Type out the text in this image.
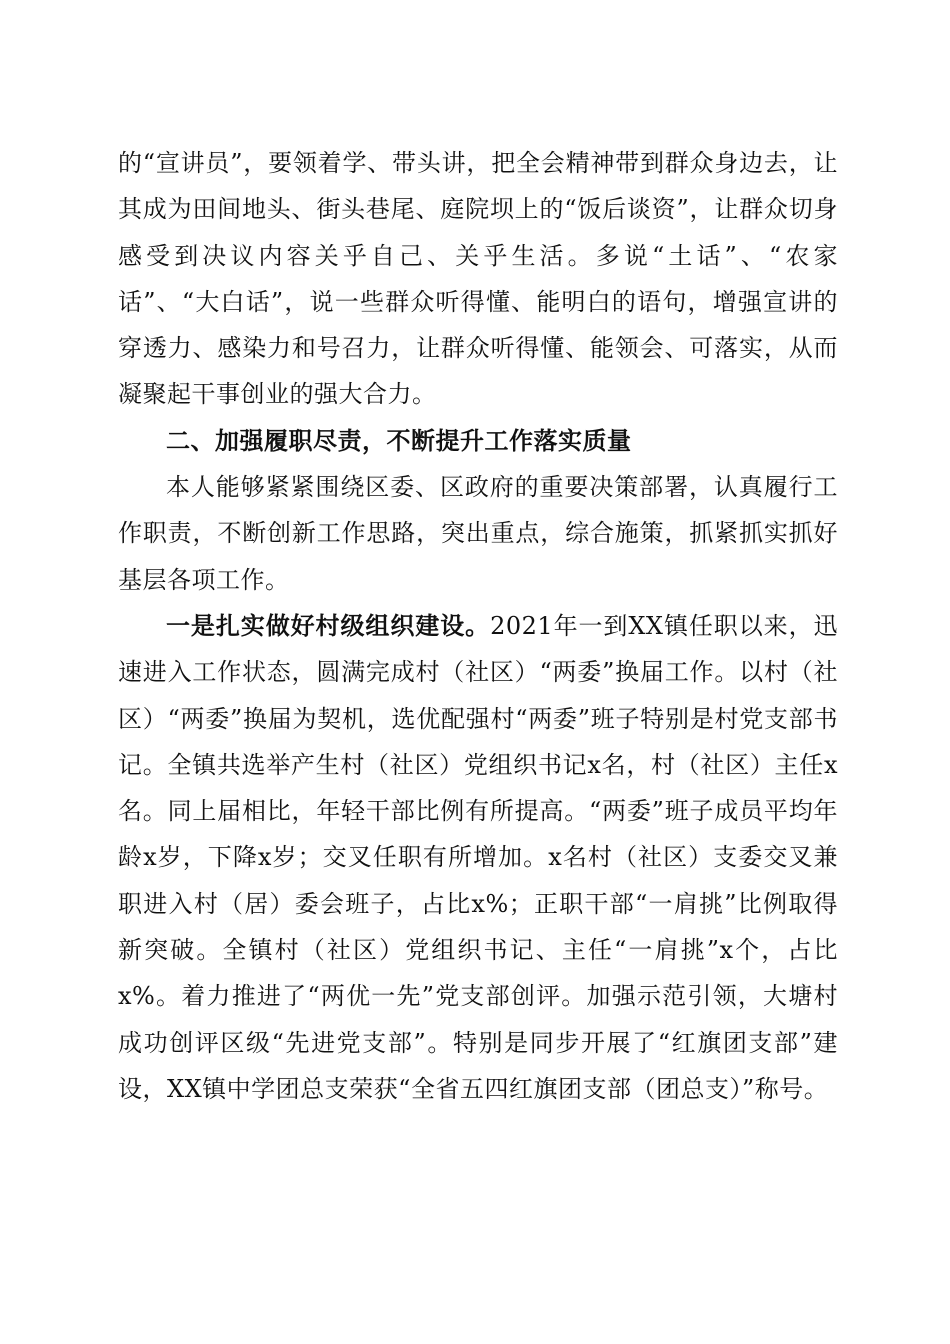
的“宣讲员”，要领着学、带头讲，把全会精神带到群众身边去，让其成为田间地头、街头巷尾、庭院坝上的“饭后谈资”，让群众切身感受到决议内容关乎自己、关乎生活。多说“土话”、“农家话”、“大白话”，说一些群众听得懂、能明白的语句，增强宣讲的穿透力、感染力和号召力，让群众听得懂、能领会、可落实，从而凝聚起干事创业的强大合力。

二、加强履职尽责，不断提升工作落实质量

本人能够紧紧围绕区委、区政府的重要决策部署，认真履行工作职责，不断创新工作思路，突出重点，综合施策，抓紧抓实抓好基层各项工作。

一是扎实做好村级组织建设。2021年一到XX镇任职以来，迅速进入工作状态，圆满完成村（社区）“两委”换届工作。以村（社区）“两委”换届为契机，选优配强村“两委”班子特别是村党支部书记。全镇共选举产生村（社区）党组织书记x名，村（社区）主任x名。同上届相比，年轻干部比例有所提高。“两委”班子成员平均年龄x岁，下降x岁；交叉任职有所增加。x名村（社区）支委交叉兼职进入村（居）委会班子，占比x%；正职干部“一肩挑”比例取得新突破。全镇村（社区）党组织书记、主任“一肩挑”x个，占比x%。着力推进了“两优一先”党支部创评。加强示范引领，大塘村成功创评区级“先进党支部”。特别是同步开展了“红旗团支部”建设，XX镇中学团总支荣获“全省五四红旗团支部（团总支）”称号。
